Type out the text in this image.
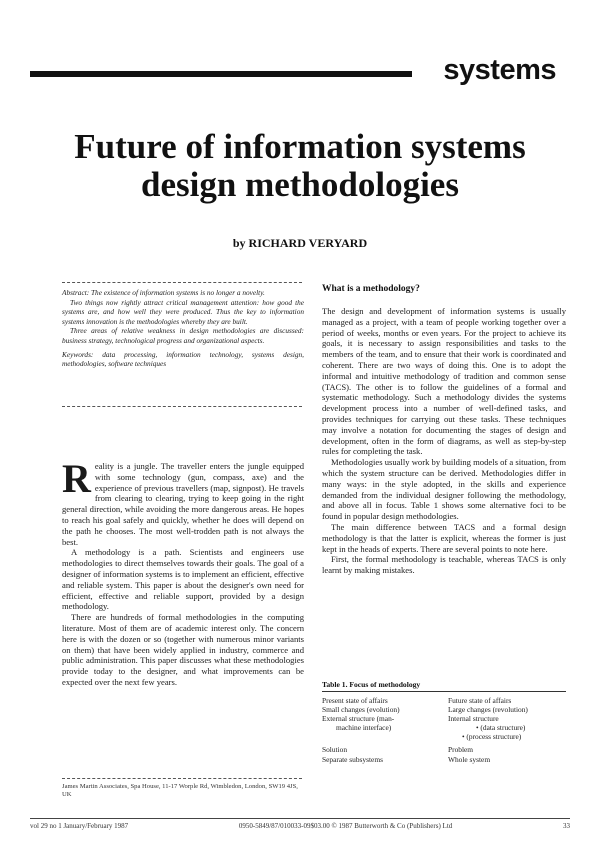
systems
Future of information systems
design methodologies
by RICHARD VERYARD
Abstract: The existence of information systems is no longer a novelty.
Two things now rightly attract critical management attention: how good the systems are, and how well they were produced. Thus the key to information systems innovation is the methodologies whereby they are built.
Three areas of relative weakness in design methodologies are discussed: business strategy, technological progress and organizational aspects.
Keywords: data processing, information technology, systems design, methodologies, software techniques

Reality is a jungle. The traveller enters the jungle equipped with some technology (gun, compass, axe) and the experience of previous travellers (map, signpost). He travels from clearing to clearing, trying to keep going in the right general direction, while avoiding the more dangerous areas. He hopes to reach his goal safely and quickly, whether he does will depend on the path he chooses. The most well-trodden path is not always the best.

A methodology is a path. Scientists and engineers use methodologies to direct themselves towards their goals. The goal of a designer of information systems is to implement an efficient, effective and reliable system. This paper is about the designer's own need for efficient, effective and reliable support, provided by a design methodology.

There are hundreds of formal methodologies in the computing literature. Most of them are of academic interest only. The concern here is with the dozen or so (together with numerous minor variants on them) that have been widely applied in industry, commerce and public administration. This paper discusses what these methodologies provide today to the designer, and what improvements can be expected over the next few years.

James Martin Associates, Spa House, 11-17 Worple Rd, Wimbledon, London, SW19 4JS, UK
What is a methodology?

The design and development of information systems is usually managed as a project, with a team of people working together over a period of weeks, months or even years. For the project to achieve its goals, it is necessary to assign responsibilities and tasks to the members of the team, and to ensure that their work is coordinated and coherent. There are two ways of doing this. One is to adopt the informal and intuitive methodology of tradition and common sense (TACS). The other is to follow the guidelines of a formal and systematic methodology. Such a methodology divides the systems development process into a number of well-defined tasks, and provides techniques for carrying out these tasks. These techniques may involve a notation for documenting the stages of design and development, often in the form of diagrams, as well as step-by-step rules for completing the task.

Methodologies usually work by building models of a situation, from which the system structure can be derived. Methodologies differ in many ways: in the style adopted, in the skills and experience demanded from the individual designer following the methodology, and above all in focus. Table 1 shows some alternative foci to be found in popular design methodologies.

The main difference between TACS and a formal design methodology is that the latter is explicit, whereas the former is just kept in the heads of experts. There are several points to note here.

First, the formal methodology is teachable, whereas TACS is only learnt by making mistakes.

Table 1. Focus of methodology
Present state of affairs	Future state of affairs
Small changes (evolution)	Large changes (revolution)
External structure (man-	Internal structure
machine interface)	• (data structure)
• (process structure)
Solution	Problem
Separate subsystems	Whole system
vol 29 no 1 January/February 1987	0950-5849/87/010033-09$03.00 © 1987 Butterworth & Co (Publishers) Ltd	33
